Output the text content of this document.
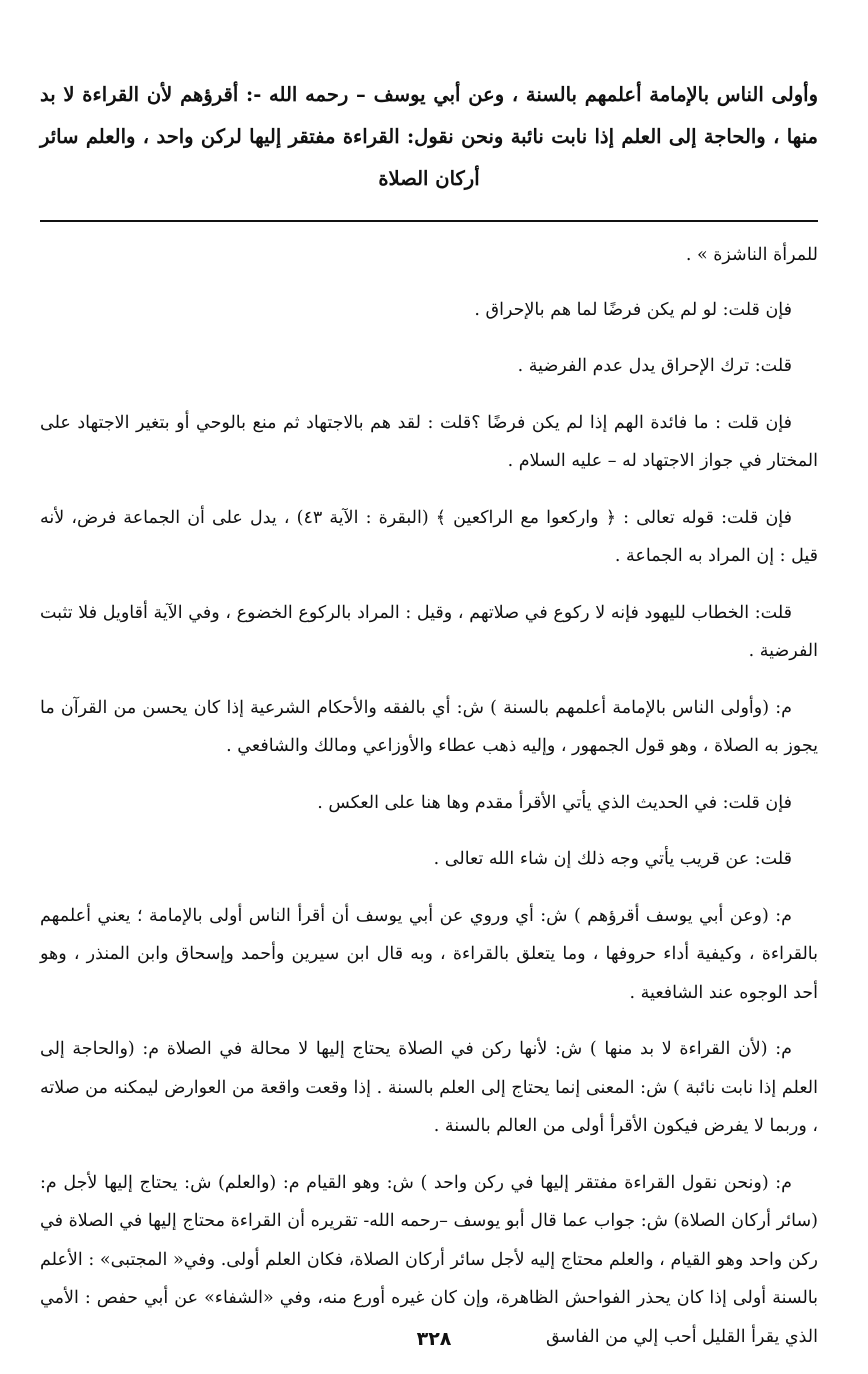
وأولى الناس بالإمامة أعلمهم بالسنة ، وعن أبي يوسف – رحمه الله -: أقرؤهم لأن القراءة لا بد منها ، والحاجة إلى العلم إذا نابت نائبة ونحن نقول: القراءة مفتقر إليها لركن واحد ، والعلم سائر أركان الصلاة

للمرأة الناشزة » .

فإن قلت: لو لم يكن فرضًا لما هم بالإحراق .

قلت: ترك الإحراق يدل عدم الفرضية .

فإن قلت : ما فائدة الهم إذا لم يكن فرضًا ؟قلت : لقد هم بالاجتهاد ثم منع بالوحي أو بتغير الاجتهاد على المختار في جواز الاجتهاد له – عليه السلام .

فإن قلت: قوله تعالى : ﴿ واركعوا مع الراكعين ﴾ (البقرة : الآية ٤٣) ، يدل على أن الجماعة فرض، لأنه قيل : إن المراد به الجماعة .

قلت: الخطاب لليهود فإنه لا ركوع في صلاتهم ، وقيل : المراد بالركوع الخضوع ، وفي الآية أقاويل فلا تثبت الفرضية .

م: (وأولى الناس بالإمامة أعلمهم بالسنة ) ش: أي بالفقه والأحكام الشرعية إذا كان يحسن من القرآن ما يجوز به الصلاة ، وهو قول الجمهور ، وإليه ذهب عطاء والأوزاعي ومالك والشافعي .

فإن قلت: في الحديث الذي يأتي الأقرأ مقدم وها هنا على العكس .

قلت: عن قريب يأتي وجه ذلك إن شاء الله تعالى .

م: (وعن أبي يوسف أقرؤهم ) ش: أي وروي عن أبي يوسف أن أقرأ الناس أولى بالإمامة ؛ يعني أعلمهم بالقراءة ، وكيفية أداء حروفها ، وما يتعلق بالقراءة ، وبه قال ابن سيرين وأحمد وإسحاق وابن المنذر ، وهو أحد الوجوه عند الشافعية .

م: (لأن القراءة لا بد منها ) ش: لأنها ركن في الصلاة يحتاج إليها لا محالة في الصلاة م: (والحاجة إلى العلم إذا نابت نائبة ) ش: المعنى إنما يحتاج إلى العلم بالسنة . إذا وقعت واقعة من العوارض ليمكنه من صلاته ، وربما لا يفرض فيكون الأقرأ أولى من العالم بالسنة .

م: (ونحن نقول القراءة مفتقر إليها في ركن واحد ) ش: وهو القيام م: (والعلم) ش: يحتاج إليها لأجل م: (سائر أركان الصلاة) ش: جواب عما قال أبو يوسف –رحمه الله- تقريره أن القراءة محتاج إليها في الصلاة في ركن واحد وهو القيام ، والعلم محتاج إليه لأجل سائر أركان الصلاة، فكان العلم أولى. وفي« المجتبى» : الأعلم بالسنة أولى إذا كان يحذر الفواحش الظاهرة، وإن كان غيره أورع منه، وفي «الشفاء» عن أبي حفص : الأمي الذي يقرأ القليل أحب إلي من الفاسق

٣٢٨
